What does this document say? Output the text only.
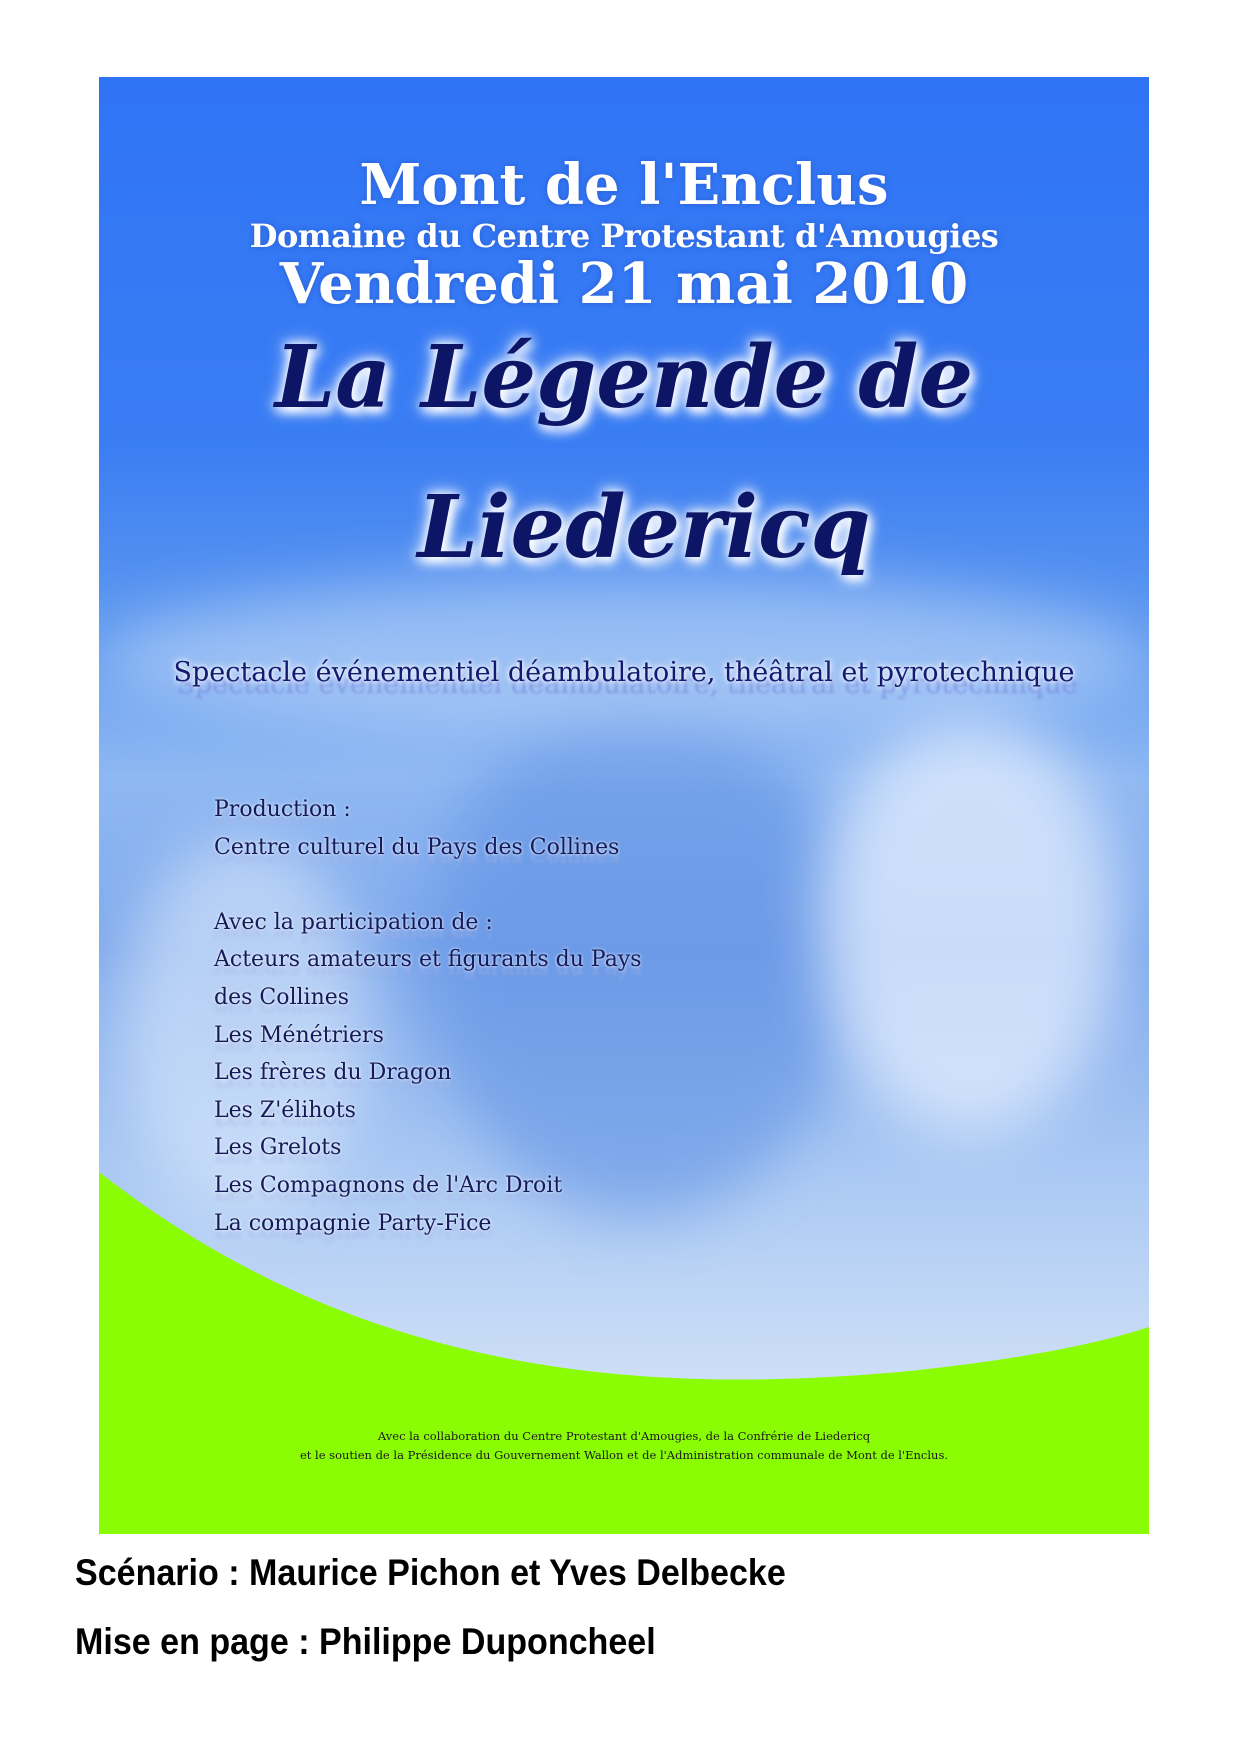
Mont de l'Enclus
Domaine du Centre Protestant d'Amougies
Vendredi 21 mai 2010
La Légende de
Liedericq
Spectacle événementiel déambulatoire, théâtral et pyrotechnique
Production :
Centre culturel du Pays des Collines
Avec la participation de :
Acteurs amateurs et figurants du Pays
des Collines
Les Ménétriers
Les frères du Dragon
Les Z'élihots
Les Grelots
Les Compagnons de l'Arc Droit
La compagnie Party-Fice
Avec la collaboration du Centre Protestant d'Amougies, de la Confrérie de Liedericq
et le soutien de la Présidence du Gouvernement Wallon et de l'Administration communale de Mont de l'Enclus.
Scénario : Maurice Pichon et Yves Delbecke
Mise en page : Philippe Duponcheel
